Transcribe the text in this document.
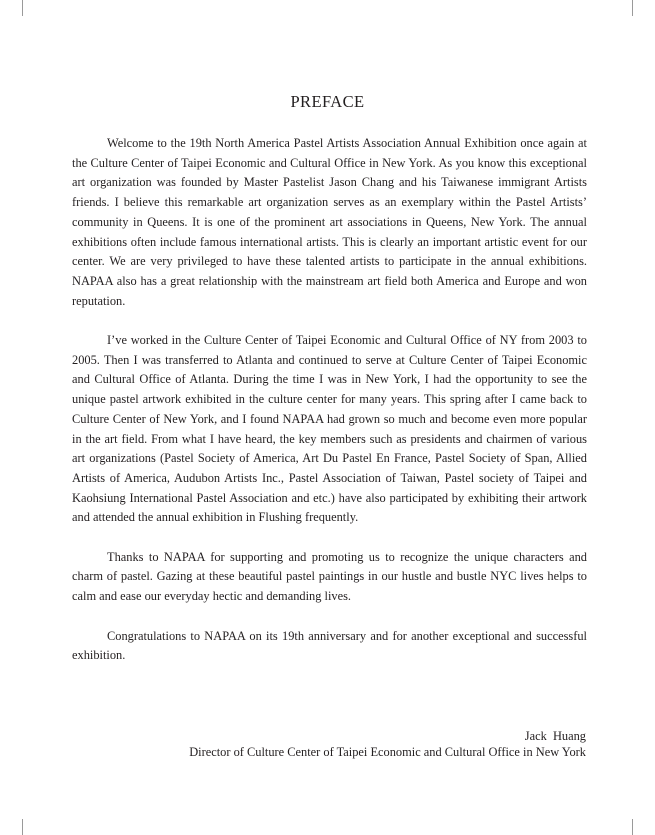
PREFACE

Welcome to the 19th North America Pastel Artists Association Annual Exhibition once again at the Culture Center of Taipei Economic and Cultural Office in New York. As you know this exceptional art organization was founded by Master Pastelist Jason Chang and his Taiwanese immigrant Artists friends. I believe this remarkable art organization serves as an exemplary within the Pastel Artists’ community in Queens. It is one of the prominent art associations in Queens, New York. The annual exhibitions often include famous international artists. This is clearly an important artistic event for our center. We are very privileged to have these talented artists to participate in the annual exhibitions. NAPAA also has a great relationship with the mainstream art field both America and Europe and won reputation.

I’ve worked in the Culture Center of Taipei Economic and Cultural Office of NY from 2003 to 2005. Then I was transferred to Atlanta and continued to serve at Culture Center of Taipei Economic and Cultural Office of Atlanta. During the time I was in New York, I had the opportunity to see the unique pastel artwork exhibited in the culture center for many years. This spring after I came back to Culture Center of New York, and I found NAPAA had grown so much and become even more popular in the art field. From what I have heard, the key members such as presidents and chairmen of various art organizations (Pastel Society of America, Art Du Pastel En France, Pastel Society of Span, Allied Artists of America, Audubon Artists Inc., Pastel Association of Taiwan, Pastel society of Taipei and Kaohsiung International Pastel Association and etc.) have also participated by exhibiting their artwork and attended the annual exhibition in Flushing frequently.

Thanks to NAPAA for supporting and promoting us to recognize the unique characters and charm of pastel. Gazing at these beautiful pastel paintings in our hustle and bustle NYC lives helps to calm and ease our everyday hectic and demanding lives.

Congratulations to NAPAA on its 19th anniversary and for another exceptional and successful exhibition.

Jack  Huang
Director of Culture Center of Taipei Economic and Cultural Office in New York
